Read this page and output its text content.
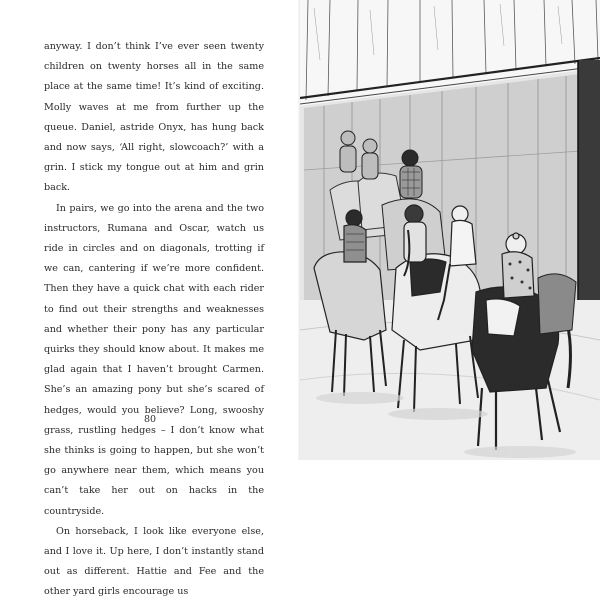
anyway. I don’t think I’ve ever seen twenty children on twenty horses all in the same place at the same time! It’s kind of exciting. Molly waves at me from further up the queue. Daniel, astride Onyx, has hung back and now says, ‘All right, slowcoach?’ with a grin. I stick my tongue out at him and grin back.

In pairs, we go into the arena and the two instructors, Rumana and Oscar, watch us ride in circles and on diagonals, trotting if we can, cantering if we’re more confident. Then they have a quick chat with each rider to find out their strengths and weaknesses and whether their pony has any particular quirks they should know about. It makes me glad again that I haven’t brought Carmen. She’s an amazing pony but she’s scared of hedges, would you believe? Long, swooshy grass, rustling hedges – I don’t know what she thinks is going to happen, but she won’t go anywhere near them, which means you can’t take her out on hacks in the countryside.

On horseback, I look like everyone else, and I love it. Up here, I don’t instantly stand out as different. Hattie and Fee and the other yard girls encourage us

80
